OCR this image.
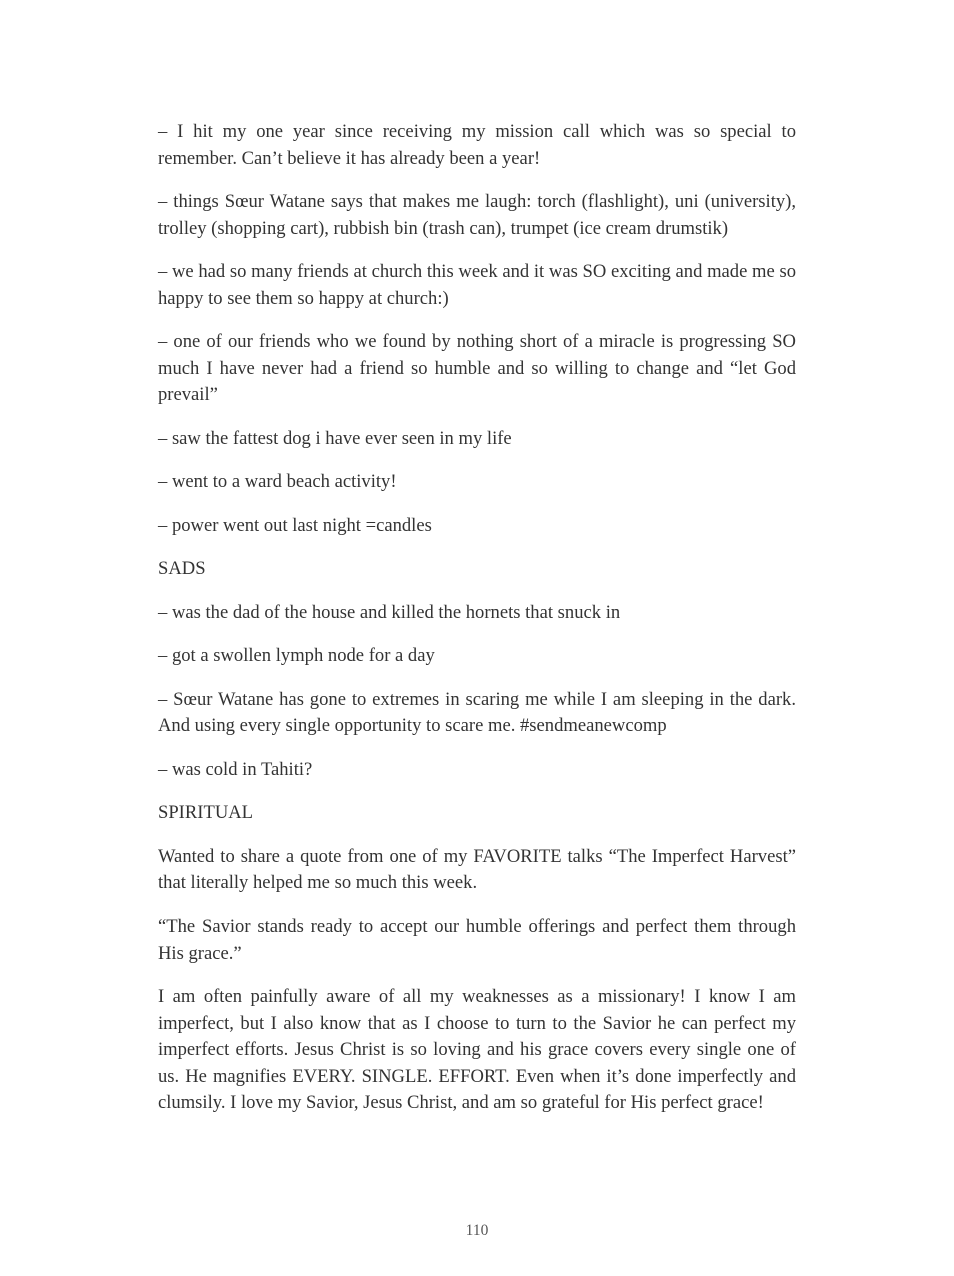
– I hit my one year since receiving my mission call which was so special to remember. Can’t believe it has already been a year!

– things Sœur Watane says that makes me laugh: torch (flashlight), uni (university), trolley (shopping cart), rubbish bin (trash can), trumpet (ice cream drumstik)

– we had so many friends at church this week and it was SO exciting and made me so happy to see them so happy at church:)

– one of our friends who we found by nothing short of a miracle is progressing SO much I have never had a friend so humble and so willing to change and “let God prevail”

– saw the fattest dog i have ever seen in my life

– went to a ward beach activity!

– power went out last night =candles

SADS

– was the dad of the house and killed the hornets that snuck in

– got a swollen lymph node for a day

– Sœur Watane has gone to extremes in scaring me while I am sleeping in the dark. And using every single opportunity to scare me. #sendmeanewcomp

– was cold in Tahiti?

SPIRITUAL

Wanted to share a quote from one of my FAVORITE talks “The Imperfect Harvest” that literally helped me so much this week.

“The Savior stands ready to accept our humble offerings and perfect them through His grace.”

I am often painfully aware of all my weaknesses as a missionary! I know I am imperfect, but I also know that as I choose to turn to the Savior he can perfect my imperfect efforts. Jesus Christ is so loving and his grace covers every single one of us. He magnifies EVERY. SINGLE. EFFORT. Even when it’s done imperfectly and clumsily. I love my Savior, Jesus Christ, and am so grateful for His perfect grace!

110
